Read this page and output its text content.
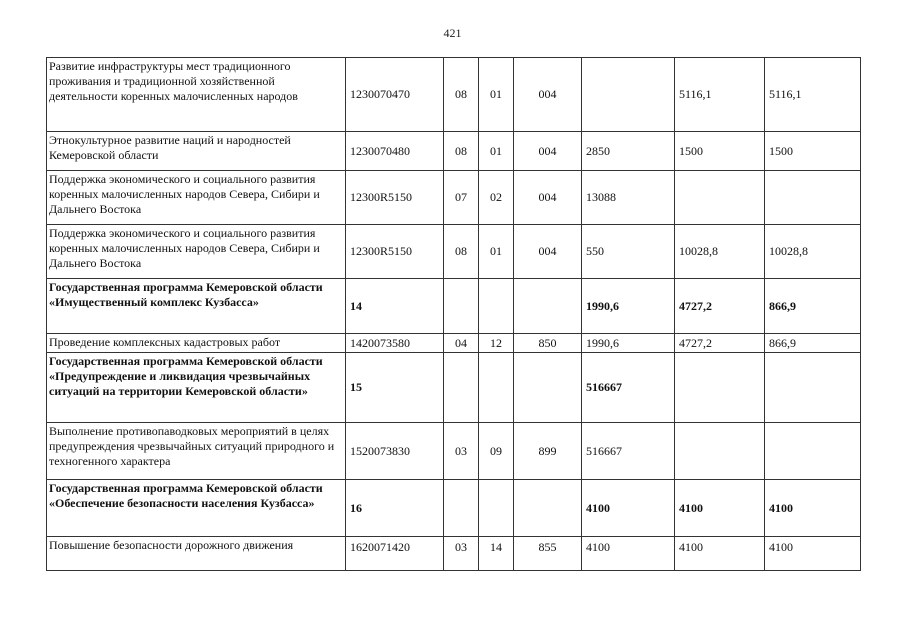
421
Развитие инфраструктуры мест традиционного проживания и традиционной хозяйственной деятельности коренных малочисленных народов	1230070470	08	01	004		5116,1	5116,1
Этнокультурное развитие наций и народностей Кемеровской области	1230070480	08	01	004	2850	1500	1500
Поддержка экономического и социального развития коренных малочисленных народов Севера, Сибири и Дальнего Востока	12300R5150	07	02	004	13088		
Поддержка экономического и социального развития коренных малочисленных народов Севера, Сибири и Дальнего Востока	12300R5150	08	01	004	550	10028,8	10028,8
Государственная программа Кемеровской области «Имущественный комплекс Кузбасса»	14				1990,6	4727,2	866,9
Проведение комплексных кадастровых работ	1420073580	04	12	850	1990,6	4727,2	866,9
Государственная программа Кемеровской области «Предупреждение и ликвидация чрезвычайных ситуаций на территории Кемеровской области»	15				516667		
Выполнение противопаводковых мероприятий в целях предупреждения чрезвычайных ситуаций природного и техногенного характера	1520073830	03	09	899	516667		
Государственная программа Кемеровской области «Обеспечение безопасности населения Кузбасса»	16				4100	4100	4100
Повышение безопасности дорожного движения	1620071420	03	14	855	4100	4100	4100
